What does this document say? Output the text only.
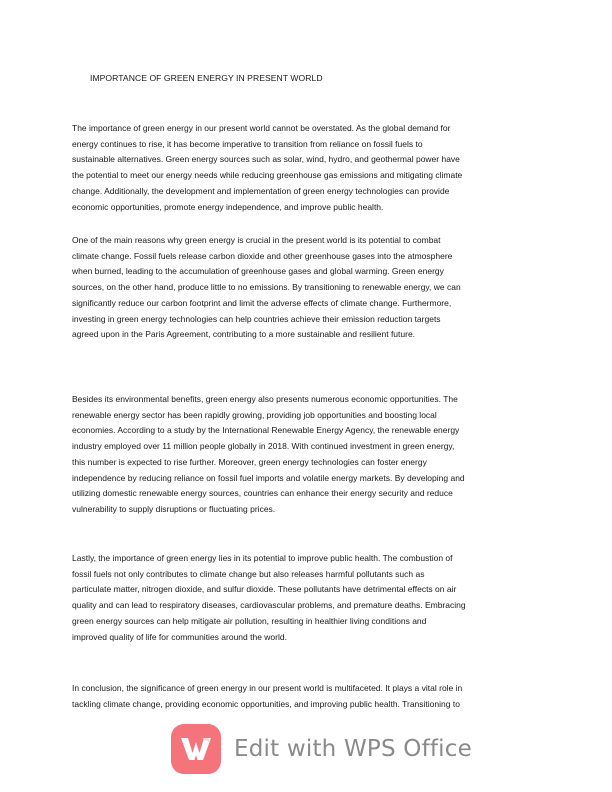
IMPORTANCE OF GREEN ENERGY IN PRESENT WORLD
The importance of green energy in our present world cannot be overstated. As the global demand for
energy continues to rise, it has become imperative to transition from reliance on fossil fuels to
sustainable alternatives. Green energy sources such as solar, wind, hydro, and geothermal power have
the potential to meet our energy needs while reducing greenhouse gas emissions and mitigating climate
change. Additionally, the development and implementation of green energy technologies can provide
economic opportunities, promote energy independence, and improve public health.
One of the main reasons why green energy is crucial in the present world is its potential to combat
climate change. Fossil fuels release carbon dioxide and other greenhouse gases into the atmosphere
when burned, leading to the accumulation of greenhouse gases and global warming. Green energy
sources, on the other hand, produce little to no emissions. By transitioning to renewable energy, we can
significantly reduce our carbon footprint and limit the adverse effects of climate change. Furthermore,
investing in green energy technologies can help countries achieve their emission reduction targets
agreed upon in the Paris Agreement, contributing to a more sustainable and resilient future.
Besides its environmental benefits, green energy also presents numerous economic opportunities. The
renewable energy sector has been rapidly growing, providing job opportunities and boosting local
economies. According to a study by the International Renewable Energy Agency, the renewable energy
industry employed over 11 million people globally in 2018. With continued investment in green energy,
this number is expected to rise further. Moreover, green energy technologies can foster energy
independence by reducing reliance on fossil fuel imports and volatile energy markets. By developing and
utilizing domestic renewable energy sources, countries can enhance their energy security and reduce
vulnerability to supply disruptions or fluctuating prices.
Lastly, the importance of green energy lies in its potential to improve public health. The combustion of
fossil fuels not only contributes to climate change but also releases harmful pollutants such as
particulate matter, nitrogen dioxide, and sulfur dioxide. These pollutants have detrimental effects on air
quality and can lead to respiratory diseases, cardiovascular problems, and premature deaths. Embracing
green energy sources can help mitigate air pollution, resulting in healthier living conditions and
improved quality of life for communities around the world.
In conclusion, the significance of green energy in our present world is multifaceted. It plays a vital role in
tackling climate change, providing economic opportunities, and improving public health. Transitioning to
Edit with WPS Office
